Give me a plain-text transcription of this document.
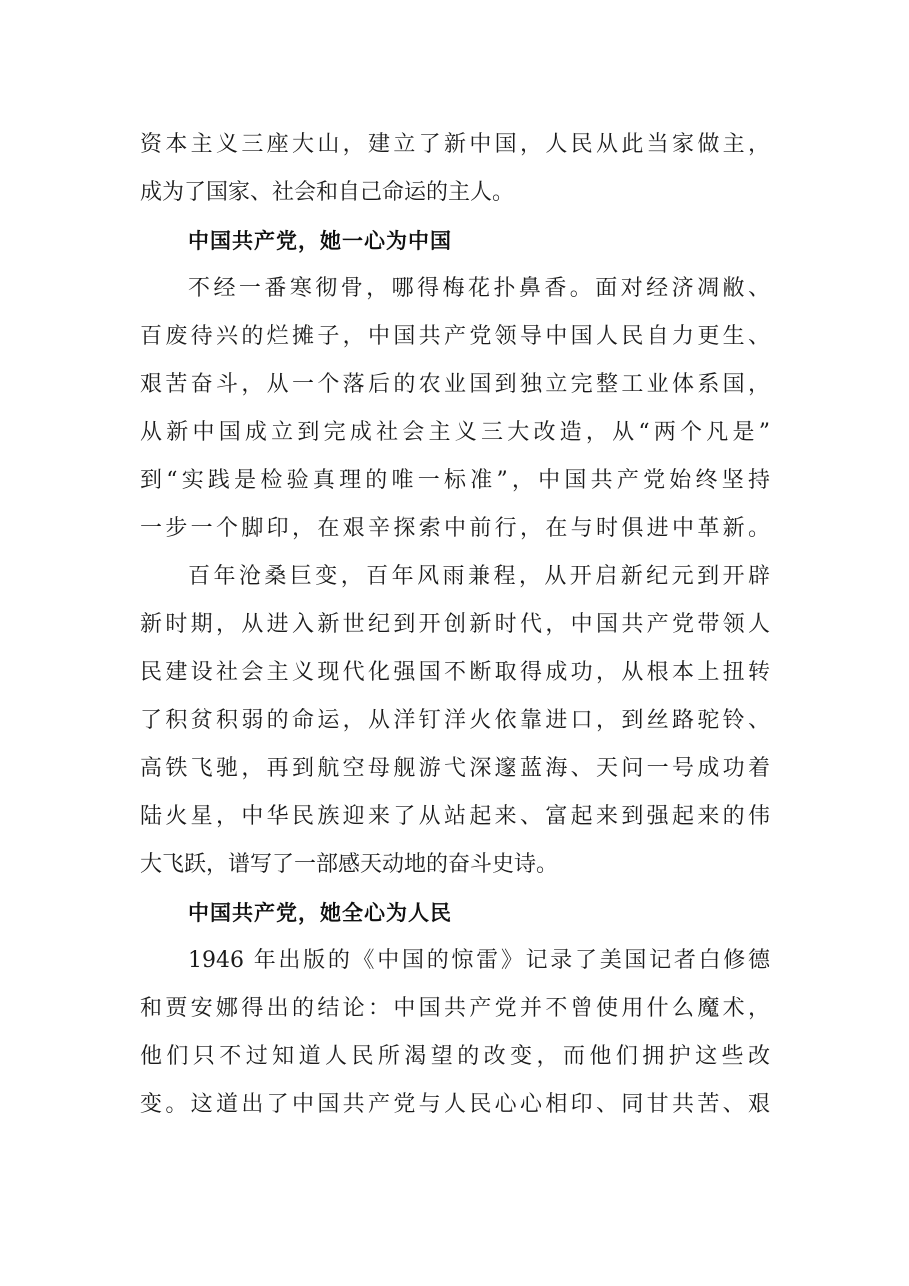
资本主义三座大山，建立了新中国，人民从此当家做主，
成为了国家、社会和自己命运的主人。
中国共产党，她一心为中国
不经一番寒彻骨，哪得梅花扑鼻香。面对经济凋敝、
百废待兴的烂摊子，中国共产党领导中国人民自力更生、
艰苦奋斗，从一个落后的农业国到独立完整工业体系国，
从新中国成立到完成社会主义三大改造，从“两个凡是”
到“实践是检验真理的唯一标准”，中国共产党始终坚持
一步一个脚印，在艰辛探索中前行，在与时俱进中革新。
百年沧桑巨变，百年风雨兼程，从开启新纪元到开辟
新时期，从进入新世纪到开创新时代，中国共产党带领人
民建设社会主义现代化强国不断取得成功，从根本上扭转
了积贫积弱的命运，从洋钉洋火依靠进口，到丝路驼铃、
高铁飞驰，再到航空母舰游弋深邃蓝海、天问一号成功着
陆火星，中华民族迎来了从站起来、富起来到强起来的伟
大飞跃，谱写了一部感天动地的奋斗史诗。
中国共产党，她全心为人民
1946 年出版的《中国的惊雷》记录了美国记者白修德
和贾安娜得出的结论：中国共产党并不曾使用什么魔术，
他们只不过知道人民所渴望的改变，而他们拥护这些改
变。这道出了中国共产党与人民心心相印、同甘共苦、艰
